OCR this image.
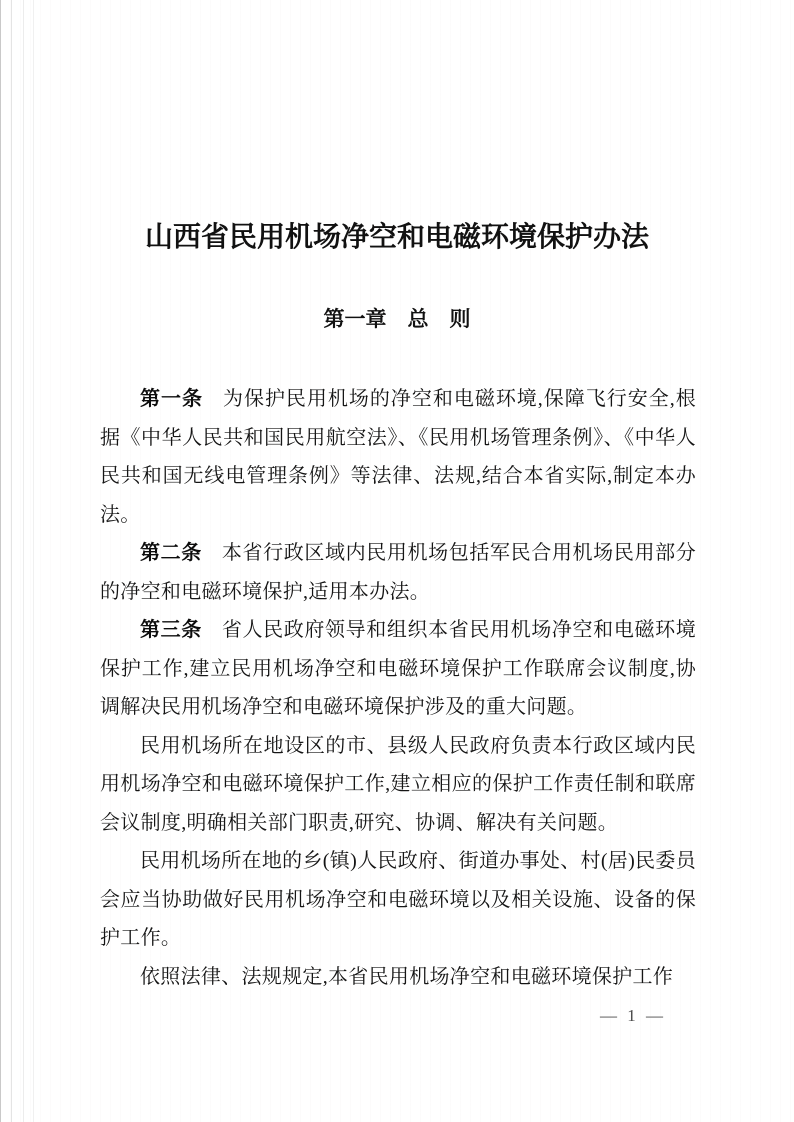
山西省民用机场净空和电磁环境保护办法
第一章　总　则

第一条 为保护民用机场的净空和电磁环境,保障飞行安全,根据《中华人民共和国民用航空法》、《民用机场管理条例》、《中华人民共和国无线电管理条例》等法律、法规,结合本省实际,制定本办法。

第二条 本省行政区域内民用机场包括军民合用机场民用部分的净空和电磁环境保护,适用本办法。

第三条 省人民政府领导和组织本省民用机场净空和电磁环境保护工作,建立民用机场净空和电磁环境保护工作联席会议制度,协调解决民用机场净空和电磁环境保护涉及的重大问题。

民用机场所在地设区的市、县级人民政府负责本行政区域内民用机场净空和电磁环境保护工作,建立相应的保护工作责任制和联席会议制度,明确相关部门职责,研究、协调、解决有关问题。

民用机场所在地的乡(镇)人民政府、街道办事处、村(居)民委员会应当协助做好民用机场净空和电磁环境以及相关设施、设备的保护工作。

依照法律、法规规定,本省民用机场净空和电磁环境保护工作

— 1 —
